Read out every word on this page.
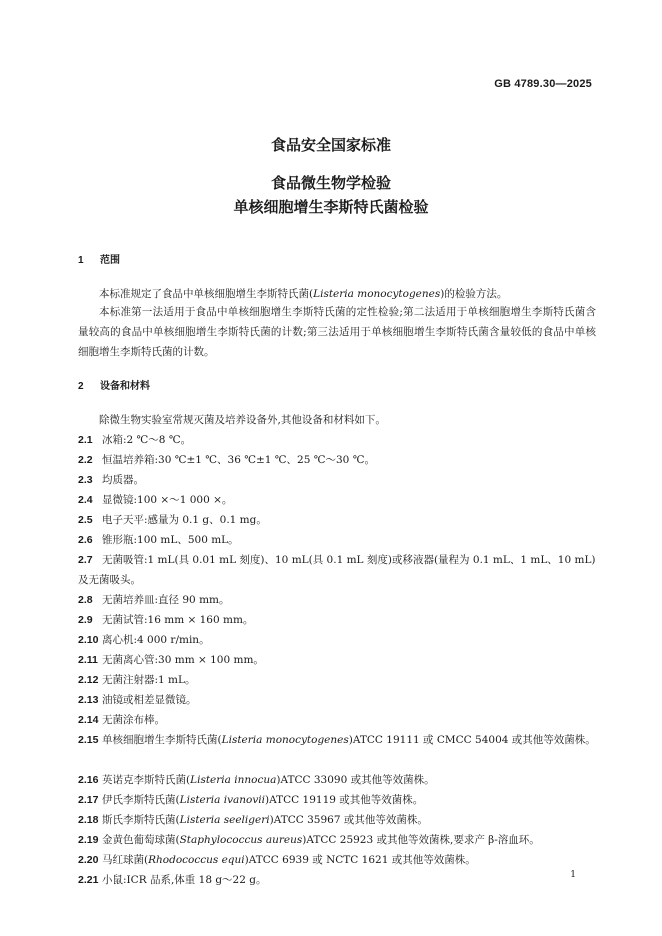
GB 4789.30—2025
食品安全国家标准
食品微生物学检验
单核细胞增生李斯特氏菌检验
1 范围
本标准规定了食品中单核细胞增生李斯特氏菌(Listeria monocytogenes)的检验方法。
本标准第一法适用于食品中单核细胞增生李斯特氏菌的定性检验;第二法适用于单核细胞增生李斯特氏菌含量较高的食品中单核细胞增生李斯特氏菌的计数;第三法适用于单核细胞增生李斯特氏菌含量较低的食品中单核细胞增生李斯特氏菌的计数。
2 设备和材料
除微生物实验室常规灭菌及培养设备外,其他设备和材料如下。
2.1 冰箱:2 ℃～8 ℃。
2.2 恒温培养箱:30 ℃±1 ℃、36 ℃±1 ℃、25 ℃～30 ℃。
2.3 均质器。
2.4 显微镜:100 ×～1 000 ×。
2.5 电子天平:感量为 0.1 g、0.1 mg。
2.6 锥形瓶:100 mL、500 mL。
2.7 无菌吸管:1 mL(具 0.01 mL 刻度)、10 mL(具 0.1 mL 刻度)或移液器(量程为 0.1 mL、1 mL、10 mL)及无菌吸头。
2.8 无菌培养皿:直径 90 mm。
2.9 无菌试管:16 mm × 160 mm。
2.10 离心机:4 000 r/min。
2.11 无菌离心管:30 mm × 100 mm。
2.12 无菌注射器:1 mL。
2.13 油镜或相差显微镜。
2.14 无菌涂布棒。
2.15 单核细胞增生李斯特氏菌(Listeria monocytogenes)ATCC 19111 或 CMCC 54004 或其他等效菌株。
2.16 英诺克李斯特氏菌(Listeria innocua)ATCC 33090 或其他等效菌株。
2.17 伊氏李斯特氏菌(Listeria ivanovii)ATCC 19119 或其他等效菌株。
2.18 斯氏李斯特氏菌(Listeria seeligeri)ATCC 35967 或其他等效菌株。
2.19 金黄色葡萄球菌(Staphylococcus aureus)ATCC 25923 或其他等效菌株,要求产 β-溶血环。
2.20 马红球菌(Rhodococcus equi)ATCC 6939 或 NCTC 1621 或其他等效菌株。
2.21 小鼠:ICR 品系,体重 18 g～22 g。	1
